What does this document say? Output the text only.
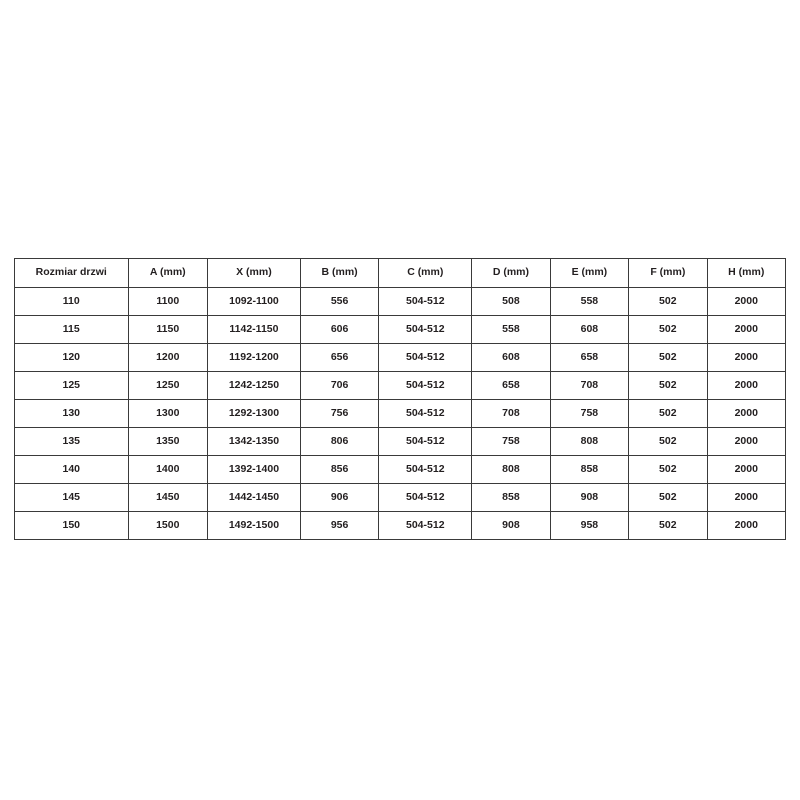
Rozmiar drzwi	A (mm)	X (mm)	B (mm)	C (mm)	D (mm)	E (mm)	F (mm)	H (mm)
110	1100	1092-1100	556	504-512	508	558	502	2000
115	1150	1142-1150	606	504-512	558	608	502	2000
120	1200	1192-1200	656	504-512	608	658	502	2000
125	1250	1242-1250	706	504-512	658	708	502	2000
130	1300	1292-1300	756	504-512	708	758	502	2000
135	1350	1342-1350	806	504-512	758	808	502	2000
140	1400	1392-1400	856	504-512	808	858	502	2000
145	1450	1442-1450	906	504-512	858	908	502	2000
150	1500	1492-1500	956	504-512	908	958	502	2000
